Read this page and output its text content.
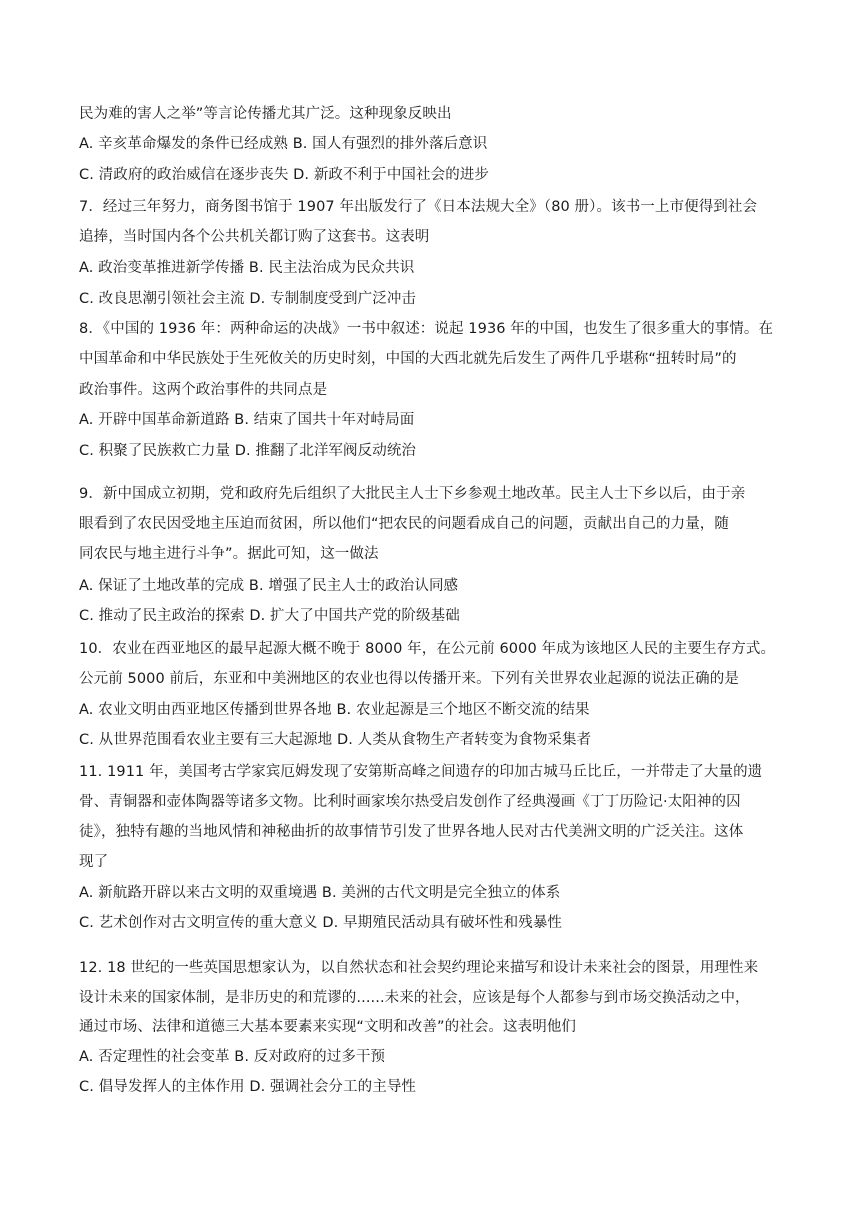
民为难的害人之举”等言论传播尤其广泛。这种现象反映出
A. 辛亥革命爆发的条件已经成熟 B. 国人有强烈的排外落后意识
C. 清政府的政治威信在逐步丧失 D. 新政不利于中国社会的进步
7．经过三年努力，商务图书馆于 1907 年出版发行了《日本法规大全》（80 册）。该书一上市便得到社会
追捧，当时国内各个公共机关都订购了这套书。这表明
A. 政治变革推进新学传播 B. 民主法治成为民众共识
C. 改良思潮引领社会主流 D. 专制制度受到广泛冲击
8．《中国的 1936 年：两种命运的决战》一书中叙述：说起 1936 年的中国，也发生了很多重大的事情。在
中国革命和中华民族处于生死攸关的历史时刻，中国的大西北就先后发生了两件几乎堪称“扭转时局”的
政治事件。这两个政治事件的共同点是
A. 开辟中国革命新道路 B. 结束了国共十年对峙局面
C. 积聚了民族救亡力量 D. 推翻了北洋军阀反动统治
9．新中国成立初期，党和政府先后组织了大批民主人士下乡参观土地改革。民主人士下乡以后，由于亲
眼看到了农民因受地主压迫而贫困，所以他们“把农民的问题看成自己的问题，贡献出自己的力量，随
同农民与地主进行斗争”。据此可知，这一做法
A. 保证了土地改革的完成 B. 增强了民主人士的政治认同感
C. 推动了民主政治的探索 D. 扩大了中国共产党的阶级基础
10．农业在西亚地区的最早起源大概不晚于 8000 年，在公元前 6000 年成为该地区人民的主要生存方式。
公元前 5000 前后，东亚和中美洲地区的农业也得以传播开来。下列有关世界农业起源的说法正确的是
A. 农业文明由西亚地区传播到世界各地 B. 农业起源是三个地区不断交流的结果
C. 从世界范围看农业主要有三大起源地 D. 人类从食物生产者转变为食物采集者
11. 1911 年，美国考古学家宾厄姆发现了安第斯高峰之间遗存的印加古城马丘比丘，一并带走了大量的遗
骨、青铜器和壶体陶器等诸多文物。比利时画家埃尔热受启发创作了经典漫画《丁丁历险记·太阳神的囚
徒》，独特有趣的当地风情和神秘曲折的故事情节引发了世界各地人民对古代美洲文明的广泛关注。这体
现了
A. 新航路开辟以来古文明的双重境遇 B. 美洲的古代文明是完全独立的体系
C. 艺术创作对古文明宣传的重大意义 D. 早期殖民活动具有破坏性和残暴性
12. 18 世纪的一些英国思想家认为，以自然状态和社会契约理论来描写和设计未来社会的图景，用理性来
设计未来的国家体制，是非历史的和荒谬的......未来的社会，应该是每个人都参与到市场交换活动之中，
通过市场、法律和道德三大基本要素来实现“文明和改善”的社会。这表明他们
A. 否定理性的社会变革 B. 反对政府的过多干预
C. 倡导发挥人的主体作用 D. 强调社会分工的主导性
